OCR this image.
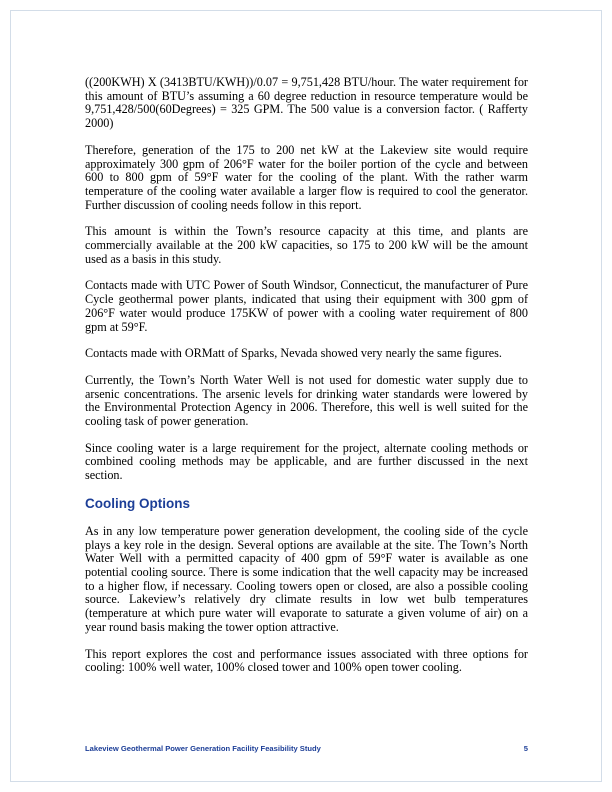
((200KWH) X (3413BTU/KWH))/0.07 = 9,751,428 BTU/hour. The water requirement for this amount of BTU’s assuming a 60 degree reduction in resource temperature would be 9,751,428/500(60Degrees) = 325 GPM. The 500 value is a conversion factor. ( Rafferty 2000)

Therefore, generation of the 175 to 200 net kW at the Lakeview site would require approximately 300 gpm of 206°F water for the boiler portion of the cycle and between 600 to 800 gpm of 59°F water for the cooling of the plant. With the rather warm temperature of the cooling water available a larger flow is required to cool the generator. Further discussion of cooling needs follow in this report.

This amount is within the Town’s resource capacity at this time, and plants are commercially available at the 200 kW capacities, so 175 to 200 kW will be the amount used as a basis in this study.

Contacts made with UTC Power of South Windsor, Connecticut, the manufacturer of Pure Cycle geothermal power plants, indicated that using their equipment with 300 gpm of 206°F water would produce 175KW of power with a cooling water requirement of 800 gpm at 59°F.

Contacts made with ORMatt of Sparks, Nevada showed very nearly the same figures.

Currently, the Town’s North Water Well is not used for domestic water supply due to arsenic concentrations. The arsenic levels for drinking water standards were lowered by the Environmental Protection Agency in 2006. Therefore, this well is well suited for the cooling task of power generation.

Since cooling water is a large requirement for the project, alternate cooling methods or combined cooling methods may be applicable, and are further discussed in the next section.

Cooling Options

As in any low temperature power generation development, the cooling side of the cycle plays a key role in the design. Several options are available at the site. The Town’s North Water Well with a permitted capacity of 400 gpm of 59°F water is available as one potential cooling source. There is some indication that the well capacity may be increased to a higher flow, if necessary. Cooling towers open or closed, are also a possible cooling source. Lakeview’s relatively dry climate results in low wet bulb temperatures (temperature at which pure water will evaporate to saturate a given volume of air) on a year round basis making the tower option attractive.

This report explores the cost and performance issues associated with three options for cooling: 100% well water, 100% closed tower and 100% open tower cooling.

Lakeview Geothermal Power Generation Facility Feasibility Study	5
